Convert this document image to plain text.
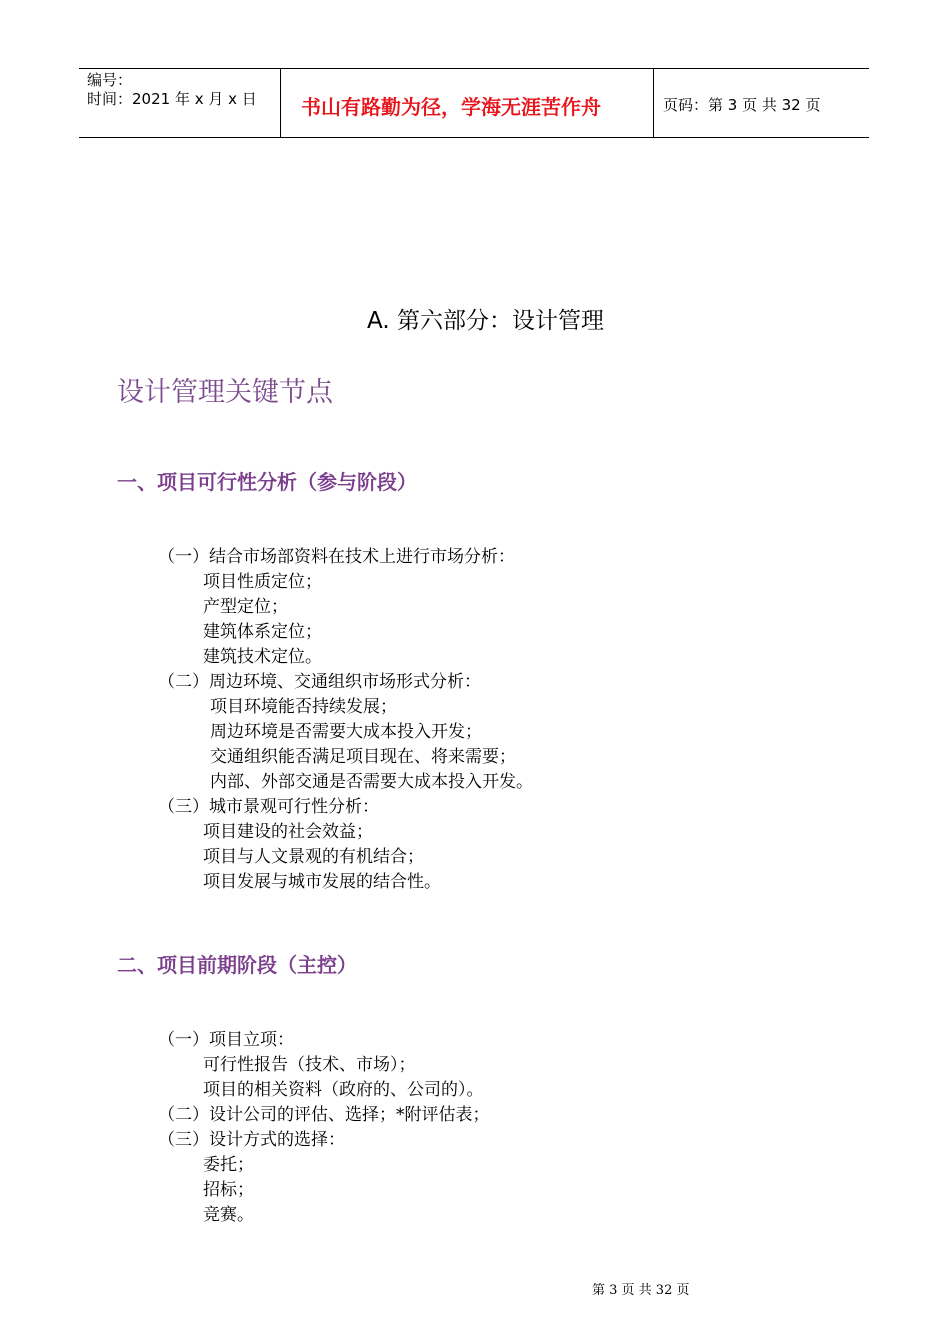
编号：
时间：2021 年 x 月 x 日 书山有路勤为径，学海无涯苦作舟	页码：第 3 页 共 32 页
A. 第六部分：设计管理
设计管理关键节点
一、项目可行性分析（参与阶段）
（一）结合市场部资料在技术上进行市场分析：
项目性质定位；
产型定位；
建筑体系定位；
建筑技术定位。
（二）周边环境、交通组织市场形式分析：
项目环境能否持续发展；
周边环境是否需要大成本投入开发；
交通组织能否满足项目现在、将来需要；
内部、外部交通是否需要大成本投入开发。
（三）城市景观可行性分析：
项目建设的社会效益；
项目与人文景观的有机结合；
项目发展与城市发展的结合性。
二、项目前期阶段（主控）
（一）项目立项：
可行性报告（技术、市场）；
项目的相关资料（政府的、公司的）。
（二）设计公司的评估、选择；*附评估表；
（三）设计方式的选择：
委托；
招标；
竞赛。
第 3 页 共 32 页
